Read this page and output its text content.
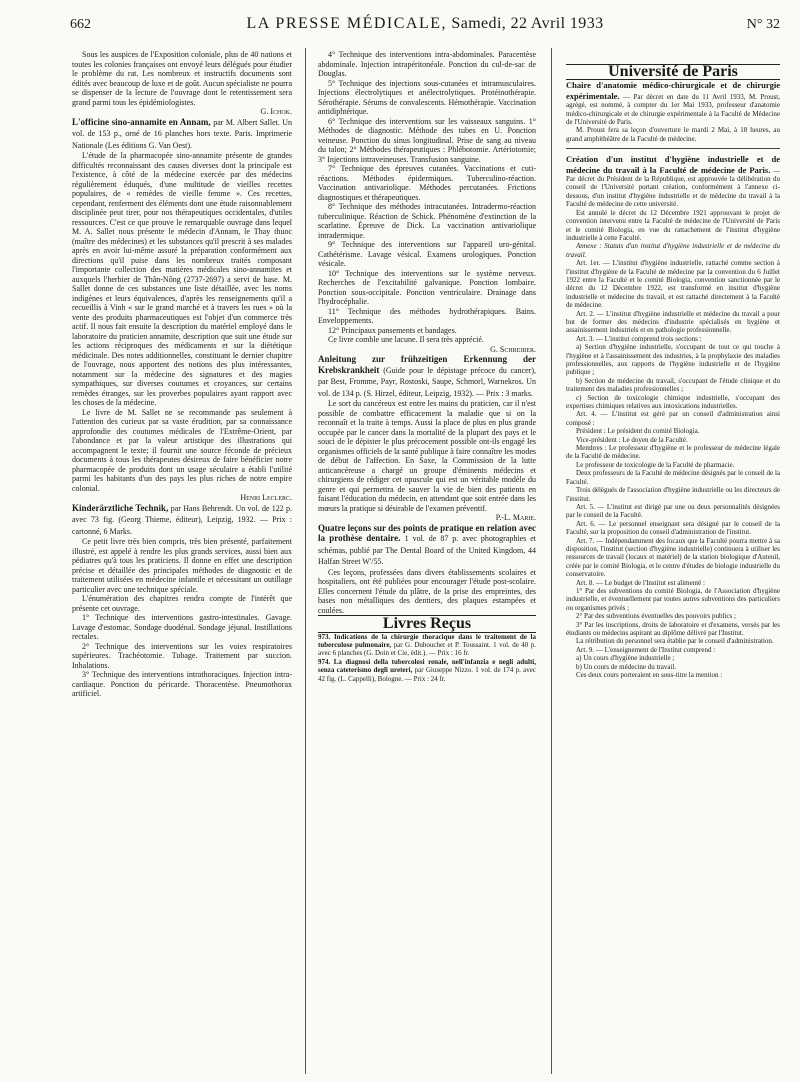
662	LA PRESSE MÉDICALE, Samedi, 22 Avril 1933	N° 32

Sous les auspices de l'Exposition coloniale, plus de 40 nations et toutes les colonies françaises ont envoyé leurs délégués pour étudier le problème du rat. Les nombreux et instructifs documents sont édités avec beaucoup de luxe et de goût. Aucun spécialiste ne pourra se dispenser de la lecture de l'ouvrage dont le retentissement sera grand parmi tous les épidémiologistes.

G. Ichok.

L'officine sino-annamite en Annam, par M. Albert Sallet. Un vol. de 153 p., orné de 16 planches hors texte. Paris. Imprimerie Nationale (Les éditions G. Van Oest).

L'étude de la pharmacopée sino-annamite présente de grandes difficultés reconnaissant des causes diverses dont la principale est l'existence, à côté de la médecine exercée par des médecins régulièrement éduqués, d'une multitude de vieilles recettes populaires, de « remèdes de vieille femme ». Ces recettes, cependant, renferment des éléments dont une étude raisonnablement disciplinée peut tirer, pour nos thérapeutiques occidentales, d'utiles ressources. C'est ce que prouve le remarquable ouvrage dans lequel M. A. Sallet nous présente le médecin d'Annam, le Thay thuoc (maître des médecines) et les substances qu'il prescrit à ses malades après en avoir lui-même assuré la préparation conformément aux directions qu'il puise dans les nombreux traités composant l'importante collection des matières médicales sino-annamites et auxquels l'herbier de Thân-Nông (2737-2697) a servi de base. M. Sallet donne de ces substances une liste détaillée, avec les noms indigènes et leurs équivalences, d'après les renseignements qu'il a recueillis à Vinh « sur le grand marché et à travers les rues » où la vente des produits pharmaceutiques est l'objet d'un commerce très actif. Il nous fait ensuite la description du matériel employé dans le laboratoire du praticien annamite, description que suit une étude sur les actions réciproques des médicaments et sur la diététique médicinale. Des notes additionnelles, constituant le dernier chapitre de l'ouvrage, nous apportent des notions des plus intéressantes, notamment sur la médecine des signatures et des magies sympathiques, sur diverses coutumes et croyances, sur certains remèdes étranges, sur les proverbes populaires ayant rapport avec les choses de la médecine.

Le livre de M. Sallet ne se recommande pas seulement à l'attention des curieux par sa vaste érudition, par sa connaissance approfondie des coutumes médicales de l'Extrême-Orient, par l'abondance et par la valeur artistique des illustrations qui accompagnent le texte; il fournit une source féconde de précieux documents à tous les thérapeutes désireux de faire bénéficier notre pharmacopée de produits dont un usage séculaire a établi l'utilité parmi les habitants d'un des pays les plus riches de notre empire colonial.

Henri Leclerc.

Kinderärztliche Technik, par Hans Behrendt. Un vol. de 122 p. avec 73 fig. (Georg Thieme, éditeur), Leipzig, 1932. — Prix : cartonné, 6 Marks.

Ce petit livre très bien compris, très bien présenté, parfaitement illustré, est appelé à rendre les plus grands services, aussi bien aux pédiatres qu'à tous les praticiens. Il donne en effet une description précise et détaillée des principales méthodes de diagnostic et de traitement utilisées en médecine infantile et nécessitant un outillage particulier avec une technique spéciale.

L'énumération des chapitres rendra compte de l'intérêt que présente cet ouvrage.

1° Technique des interventions gastro-intestinales. Gavage. Lavage d'estomac. Sondage duodénal. Sondage jéjunal. Instillations rectales.

2° Technique des interventions sur les voies respiratoires supérieures. Trachéotomie. Tubage. Traitement par succion. Inhalations.

3° Technique des interventions intrathoraciques. Injection intra-cardiaque. Ponction du péricarde. Thoracentèse. Pneumothorax artificiel.

4° Technique des interventions intra-abdominales. Paracentèse abdominale. Injection intrapéritonéale. Ponction du cul-de-sac de Douglas.

5° Technique des injections sous-cutanées et intramusculaires. Injections électrolytiques et anélectrolytiques. Protéinothérapie. Sérothérapie. Sérums de convalescents. Hémothérapie. Vaccination antidiphtérique.

6° Technique des interventions sur les vaisseaux sanguins. 1° Méthodes de diagnostic. Méthode des tubes en U. Ponction veineuse. Ponction du sinus longitudinal. Prise de sang au niveau du talon; 2° Méthodes thérapeutiques : Phlébotomie. Artériotomie; 3° Injections intraveineuses. Transfusion sanguine.

7° Technique des épreuves cutanées. Vaccinations et cuti-réactions. Méthodes épidermiques. Tuberculino-réaction. Vaccination antivariolique. Méthodes percutanées. Frictions diagnostiques et thérapeutiques.

8° Technique des méthodes intracutanées. Intradermo-réaction tuberculinique. Réaction de Schick. Phénomène d'extinction de la scarlatine. Épreuve de Dick. La vaccination antivariolique intradermique.

9° Technique des interventions sur l'appareil uro-génital. Cathétérisme. Lavage vésical. Examens urologiques. Ponction vésicale.

10° Technique des interventions sur le système nerveux. Recherches de l'excitabilité galvanique. Ponction lombaire. Ponction sous-occipitale. Ponction ventriculaire. Drainage dans l'hydrocéphalie.

11° Technique des méthodes hydrothérapiques. Bains. Enveloppements.

12° Principaux pansements et bandages.

Ce livre comble une lacune. Il sera très apprécié.

G. Schreiber.

Anleitung zur frühzeitigen Erkennung der Krebskrankheit (Guide pour le dépistage précoce du cancer), par Best, Fromme, Payr, Rostoski, Saupe, Schmorl, Warnekros. Un vol. de 134 p. (S. Hirzel, éditeur, Leipzig, 1932). — Prix : 3 marks.

Le sort du cancéreux est entre les mains du praticien, car il n'est possible de combattre efficacement la maladie que si on la reconnaît et la traite à temps. Aussi la place de plus en plus grande occupée par le cancer dans la mortalité de la plupart des pays et le souci de le dépister le plus précocement possible ont-ils engagé les organismes officiels de la santé publique à faire connaître les modes de début de l'affection. En Saxe, la Commission de la lutte anticancéreuse a chargé un groupe d'éminents médecins et chirurgiens de rédiger cet opuscule qui est un véritable modèle du genre et qui permettra de sauver la vie de bien des patients en faisant l'éducation du médecin, en attendant que soit entrée dans les mœurs la pratique si désirable de l'examen préventif.

P.-L. Marie.

Quatre leçons sur des points de pratique en relation avec la prothèse dentaire. 1 vol. de 87 p. avec photographies et schémas, publié par The Dental Board of the United Kingdom, 44 Halfan Street W'/55.

Ces leçons, professées dans divers établissements scolaires et hospitaliers, ont été publiées pour encourager l'étude post-scolaire. Elles concernent l'étude du plâtre, de la prise des empreintes, des bases non métalliques des dentiers, des plaques estampées et coulées.

Livres Reçus

973. Indications de la chirurgie thoracique dans le traitement de la tuberculose pulmonaire, par G. Dubouchet et P. Toussaint. 1 vol. de 40 p. avec 6 planches (G. Doin et Cie, édit.). — Prix : 16 fr.

974. La diagnosi della tubercolosi renale, nell'infanzia e negli adulti, senza cateterismo degli ureteri, par Giuseppe Nizzo. 1 vol. de 174 p. avec 42 fig. (L. Cappelli), Bologne. — Prix : 24 fr.

Université de Paris

Chaire d'anatomie médico-chirurgicale et de chirurgie expérimentale. — Par décret en date du 11 Avril 1933, M. Proust, agrégé, est nommé, à compter du 1er Mai 1933, professeur d'anatomie médico-chirurgicale et de chirurgie expérimentale à la Faculté de Médecine de l'Université de Paris.

M. Proust fera sa leçon d'ouverture le mardi 2 Mai, à 18 heures, au grand amphithéâtre de la Faculté de médecine.

Création d'un institut d'hygiène industrielle et de médecine du travail à la Faculté de médecine de Paris. — Par décret du Président de la République, est approuvée la délibération du conseil de l'Université portant création, conformément à l'annexe ci-dessous, d'un institut d'hygiène industrielle et de médecine du travail à la Faculté de médecine de cette université.

Est annulé le décret du 12 Décembre 1921 approuvant le projet de convention intervenu entre la Faculté de médecine de l'Université de Paris et le comité Biologia, en vue du rattachement de l'institut d'hygiène industrielle à cette Faculté.

Annexe : Statuts d'un institut d'hygiène industrielle et de médecine du travail.

Art. 1er. — L'institut d'hygiène industrielle, rattaché comme section à l'institut d'hygiène de la Faculté de médecine par la convention du 6 Juillet 1922 entre la Faculté et le comité Biologia, convention sanctionnée par le décret du 12 Décembre 1922, est transformé en institut d'hygiène industrielle et médecine du travail, et est rattaché directement à la Faculté de médecine.

Art. 2. — L'institut d'hygiène industrielle et médecine du travail a pour but de former des médecins d'industrie spécialisés en hygiène et assainissement industriels et en pathologie professionnelle.

Art. 3. — L'institut comprend trois sections :

a) Section d'hygiène industrielle, s'occupant de tout ce qui touche à l'hygiène et à l'assainissement des industries, à la prophylaxie des maladies professionnelles, aux rapports de l'hygiène industrielle et de l'hygiène publique ;

b) Section de médecine du travail, s'occupant de l'étude clinique et du traitement des maladies professionnelles ;

c) Section de toxicologie chimique industrielle, s'occupant des expertises chimiques relatives aux intoxications industrielles.

Art. 4. — L'institut est géré par un conseil d'administration ainsi composé :

Président : Le président du comité Biologia.

Vice-président : Le doyen de la Faculté.

Membres : Le professeur d'hygiène et le professeur de médecine légale de la Faculté de médecine.

Le professeur de toxicologie de la Faculté de pharmacie.

Deux professeurs de la Faculté de médecine désignés par le conseil de la Faculté.

Trois délégués de l'association d'hygiène industrielle ou les directeurs de l'institut.

Art. 5. — L'institut est dirigé par une ou deux personnalités désignées par le conseil de la Faculté.

Art. 6. — Le personnel enseignant sera désigné par le conseil de la Faculté, sur la proposition du conseil d'administration de l'institut.

Art. 7. — Indépendamment des locaux que la Faculté pourra mettre à sa disposition, l'institut (section d'hygiène industrielle) continuera à utiliser les ressources de travail (locaux et matériel) de la station biologique d'Auteuil, créée par le comité Biologia, et le centre d'études de biologie industrielle du conservatoire.

Art. 8. — Le budget de l'Institut est alimenté :

1° Par des subventions du comité Biologia, de l'Association d'hygiène industrielle, et éventuellement par toutes autres subventions des particuliers ou organismes privés ;

2° Par des subventions éventuelles des pouvoirs publics ;

3° Par les inscriptions, droits de laboratoire et d'examens, versés par les étudiants ou médecins aspirant au diplôme délivré par l'Institut.

La rétribution du personnel sera établie par le conseil d'administration.

Art. 9. — L'enseignement de l'Institut comprend :

a) Un cours d'hygiène industrielle ;

b) Un cours de médecine du travail.

Ces deux cours porteraient en sous-titre la mention :
